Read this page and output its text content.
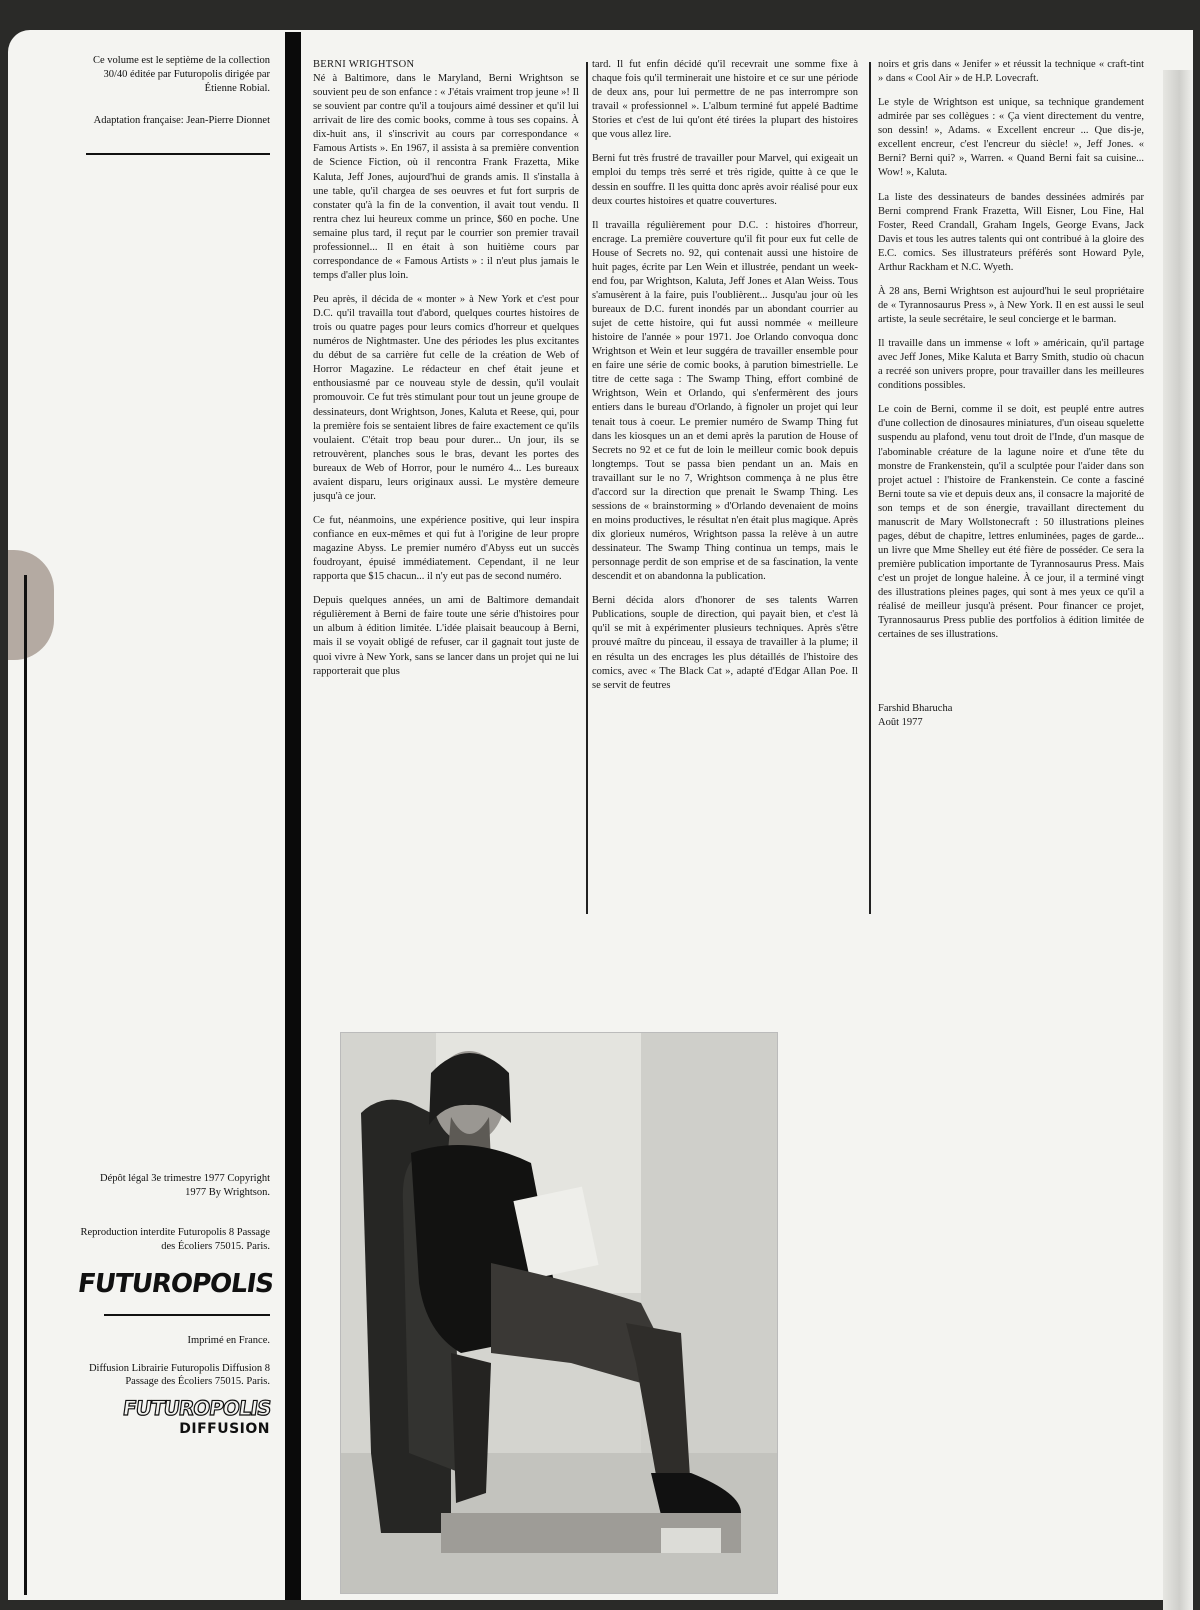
Ce volume est le septième de la collection 30/40 éditée par Futuropolis dirigée par Étienne Robial.

Adaptation française: Jean-Pierre Dionnet

Dépôt légal 3e trimestre 1977 Copyright 1977 By Wrightson.

Reproduction interdite Futuropolis 8 Passage des Écoliers 75015. Paris.

FUTUROPOLIS

Imprimé en France.

Diffusion Librairie Futuropolis Diffusion 8 Passage des Écoliers 75015. Paris.

FUTUROPOLIS
DIFFUSION
BERNI WRIGHTSON

Né à Baltimore, dans le Maryland, Berni Wrightson se souvient peu de son enfance : « J'étais vraiment trop jeune »! Il se souvient par contre qu'il a toujours aimé dessiner et qu'il lui arrivait de lire des comic books, comme à tous ses copains. À dix-huit ans, il s'inscrivit au cours par correspondance « Famous Artists ». En 1967, il assista à sa première convention de Science Fiction, où il rencontra Frank Frazetta, Mike Kaluta, Jeff Jones, aujourd'hui de grands amis. Il s'installa à une table, qu'il chargea de ses oeuvres et fut fort surpris de constater qu'à la fin de la convention, il avait tout vendu. Il rentra chez lui heureux comme un prince, $60 en poche. Une semaine plus tard, il reçut par le courrier son premier travail professionnel... Il en était à son huitième cours par correspondance de « Famous Artists » : il n'eut plus jamais le temps d'aller plus loin.

Peu après, il décida de « monter » à New York et c'est pour D.C. qu'il travailla tout d'abord, quelques courtes histoires de trois ou quatre pages pour leurs comics d'horreur et quelques numéros de Nightmaster. Une des périodes les plus excitantes du début de sa carrière fut celle de la création de Web of Horror Magazine. Le rédacteur en chef était jeune et enthousiasmé par ce nouveau style de dessin, qu'il voulait promouvoir. Ce fut très stimulant pour tout un jeune groupe de dessinateurs, dont Wrightson, Jones, Kaluta et Reese, qui, pour la première fois se sentaient libres de faire exactement ce qu'ils voulaient. C'était trop beau pour durer... Un jour, ils se retrouvèrent, planches sous le bras, devant les portes des bureaux de Web of Horror, pour le numéro 4... Les bureaux avaient disparu, leurs originaux aussi. Le mystère demeure jusqu'à ce jour.

Ce fut, néanmoins, une expérience positive, qui leur inspira confiance en eux-mêmes et qui fut à l'origine de leur propre magazine Abyss. Le premier numéro d'Abyss eut un succès foudroyant, épuisé immédiatement. Cependant, il ne leur rapporta que $15 chacun... il n'y eut pas de second numéro.

Depuis quelques années, un ami de Baltimore demandait régulièrement à Berni de faire toute une série d'histoires pour un album à édition limitée. L'idée plaisait beaucoup à Berni, mais il se voyait obligé de refuser, car il gagnait tout juste de quoi vivre à New York, sans se lancer dans un projet qui ne lui rapporterait que plus

tard. Il fut enfin décidé qu'il recevrait une somme fixe à chaque fois qu'il terminerait une histoire et ce sur une période de deux ans, pour lui permettre de ne pas interrompre son travail « professionnel ». L'album terminé fut appelé Badtime Stories et c'est de lui qu'ont été tirées la plupart des histoires que vous allez lire.

Berni fut très frustré de travailler pour Marvel, qui exigeait un emploi du temps très serré et très rigide, quitte à ce que le dessin en souffre. Il les quitta donc après avoir réalisé pour eux deux courtes histoires et quatre couvertures.

Il travailla régulièrement pour D.C. : histoires d'horreur, encrage. La première couverture qu'il fit pour eux fut celle de House of Secrets no. 92, qui contenait aussi une histoire de huit pages, écrite par Len Wein et illustrée, pendant un week-end fou, par Wrightson, Kaluta, Jeff Jones et Alan Weiss. Tous s'amusèrent à la faire, puis l'oublièrent... Jusqu'au jour où les bureaux de D.C. furent inondés par un abondant courrier au sujet de cette histoire, qui fut aussi nommée « meilleure histoire de l'année » pour 1971. Joe Orlando convoqua donc Wrightson et Wein et leur suggéra de travailler ensemble pour en faire une série de comic books, à parution bimestrielle. Le titre de cette saga : The Swamp Thing, effort combiné de Wrightson, Wein et Orlando, qui s'enfermèrent des jours entiers dans le bureau d'Orlando, à fignoler un projet qui leur tenait tous à coeur. Le premier numéro de Swamp Thing fut dans les kiosques un an et demi après la parution de House of Secrets no 92 et ce fut de loin le meilleur comic book depuis longtemps. Tout se passa bien pendant un an. Mais en travaillant sur le no 7, Wrightson commença à ne plus être d'accord sur la direction que prenait le Swamp Thing. Les sessions de « brainstorming » d'Orlando devenaient de moins en moins productives, le résultat n'en était plus magique. Après dix glorieux numéros, Wrightson passa la relève à un autre dessinateur. The Swamp Thing continua un temps, mais le personnage perdit de son emprise et de sa fascination, la vente descendit et on abandonna la publication.

Berni décida alors d'honorer de ses talents Warren Publications, souple de direction, qui payait bien, et c'est là qu'il se mit à expérimenter plusieurs techniques. Après s'être prouvé maître du pinceau, il essaya de travailler à la plume; il en résulta un des encrages les plus détaillés de l'histoire des comics, avec « The Black Cat », adapté d'Edgar Allan Poe. Il se servit de feutres

noirs et gris dans « Jenifer » et réussit la technique « craft-tint » dans « Cool Air » de H.P. Lovecraft.

Le style de Wrightson est unique, sa technique grandement admirée par ses collègues : « Ça vient directement du ventre, son dessin! », Adams. « Excellent encreur ... Que dis-je, excellent encreur, c'est l'encreur du siècle! », Jeff Jones. « Berni? Berni qui? », Warren. « Quand Berni fait sa cuisine... Wow! », Kaluta.

La liste des dessinateurs de bandes dessinées admirés par Berni comprend Frank Frazetta, Will Eisner, Lou Fine, Hal Foster, Reed Crandall, Graham Ingels, George Evans, Jack Davis et tous les autres talents qui ont contribué à la gloire des E.C. comics. Ses illustrateurs préférés sont Howard Pyle, Arthur Rackham et N.C. Wyeth.

À 28 ans, Berni Wrightson est aujourd'hui le seul propriétaire de « Tyrannosaurus Press », à New York. Il en est aussi le seul artiste, la seule secrétaire, le seul concierge et le barman.

Il travaille dans un immense « loft » américain, qu'il partage avec Jeff Jones, Mike Kaluta et Barry Smith, studio où chacun a recréé son univers propre, pour travailler dans les meilleures conditions possibles.

Le coin de Berni, comme il se doit, est peuplé entre autres d'une collection de dinosaures miniatures, d'un oiseau squelette suspendu au plafond, venu tout droit de l'Inde, d'un masque de l'abominable créature de la lagune noire et d'une tête du monstre de Frankenstein, qu'il a sculptée pour l'aider dans son projet actuel : l'histoire de Frankenstein. Ce conte a fasciné Berni toute sa vie et depuis deux ans, il consacre la majorité de son temps et de son énergie, travaillant directement du manuscrit de Mary Wollstonecraft : 50 illustrations pleines pages, début de chapitre, lettres enluminées, pages de garde... un livre que Mme Shelley eut été fière de posséder. Ce sera la première publication importante de Tyrannosaurus Press. Mais c'est un projet de longue haleine. À ce jour, il a terminé vingt des illustrations pleines pages, qui sont à mes yeux ce qu'il a réalisé de meilleur jusqu'à présent. Pour financer ce projet, Tyrannosaurus Press publie des portfolios à édition limitée de certaines de ses illustrations.

Farshid Bharucha
Août 1977
